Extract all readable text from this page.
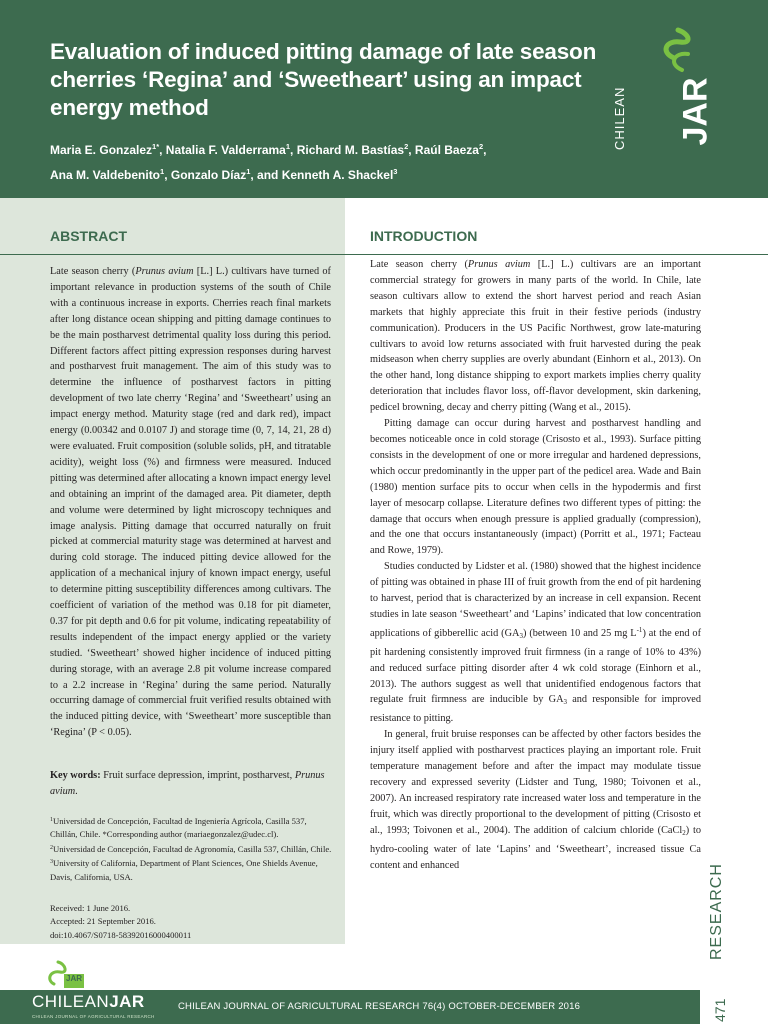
Evaluation of induced pitting damage of late season cherries ‘Regina’ and ‘Sweetheart’ using an impact energy method
Maria E. Gonzalez$^{1*}$, Natalia F. Valderrama$^1$, Richard M. Bastías$^2$, Raúl Baeza$^2$,
Ana M. Valdebenito$^1$, Gonzalo Díaz$^1$, and Kenneth A. Shackel$^3$
CHILEAN JAR
ABSTRACT	INTRODUCTION
Late season cherry (Prunus avium [L.] L.) cultivars have turned of important relevance in production systems of the south of Chile with a continuous increase in exports. Cherries reach final markets after long distance ocean shipping and pitting damage continues to be the main postharvest detrimental quality loss during this period. Different factors affect pitting expression responses during harvest and postharvest fruit management. The aim of this study was to determine the influence of postharvest factors in pitting development of two late cherry ‘Regina’ and ‘Sweetheart’ using an impact energy method. Maturity stage (red and dark red), impact energy (0.00342 and 0.0107 J) and storage time (0, 7, 14, 21, 28 d) were evaluated. Fruit composition (soluble solids, pH, and titratable acidity), weight loss (%) and firmness were measured. Induced pitting was determined after allocating a known impact energy level and obtaining an imprint of the damaged area. Pit diameter, depth and volume were determined by light microscopy techniques and image analysis. Pitting damage that occurred naturally on fruit picked at commercial maturity stage was determined at harvest and during cold storage. The induced pitting device allowed for the application of a mechanical injury of known impact energy, useful to determine pitting susceptibility differences among cultivars. The coefficient of variation of the method was 0.18 for pit diameter, 0.37 for pit depth and 0.6 for pit volume, indicating repeatability of results independent of the impact energy applied or the variety studied. ‘Sweetheart’ showed higher incidence of induced pitting during storage, with an average 2.8 pit volume increase compared to a 2.2 increase in ‘Regina’ during the same period. Naturally occurring damage of commercial fruit verified results obtained with the induced pitting device, with ‘Sweetheart’ more susceptible than ‘Regina’ (P < 0.05).
Key words: Fruit surface depression, imprint, postharvest, Prunus avium.

$^1$Universidad de Concepción, Facultad de Ingeniería Agrícola, Casilla 537, Chillán, Chile. *Corresponding author (mariaegonzalez@udec.cl).

$^2$Universidad de Concepción, Facultad de Agronomía, Casilla 537, Chillán, Chile.

$^3$University of California, Department of Plant Sciences, One Shields Avenue, Davis, California, USA.

Received: 1 June 2016.
Accepted: 21 September 2016.
doi:10.4067/S0718-58392016000400011

Late season cherry (Prunus avium [L.] L.) cultivars are an important commercial strategy for growers in many parts of the world. In Chile, late season cultivars allow to extend the short harvest period and reach Asian markets that highly appreciate this fruit in their festive periods (industry communication). Producers in the US Pacific Northwest, grow late-maturing cultivars to avoid low returns associated with fruit harvested during the peak midseason when cherry supplies are overly abundant (Einhorn et al., 2013). On the other hand, long distance shipping to export markets implies cherry quality deterioration that includes flavor loss, off-flavor development, skin darkening, pedicel browning, decay and cherry pitting (Wang et al., 2015).

Pitting damage can occur during harvest and postharvest handling and becomes noticeable once in cold storage (Crisosto et al., 1993). Surface pitting consists in the development of one or more irregular and hardened depressions, which occur predominantly in the upper part of the pedicel area. Wade and Bain (1980) mention surface pits to occur when cells in the hypodermis and first layer of mesocarp collapse. Literature defines two different types of pitting: the damage that occurs when enough pressure is applied gradually (compression), and the one that occurs instantaneously (impact) (Porritt et al., 1971; Facteau and Rowe, 1979).

Studies conducted by Lidster et al. (1980) showed that the highest incidence of pitting was obtained in phase III of fruit growth from the end of pit hardening to harvest, period that is characterized by an increase in cell expansion. Recent studies in late season ‘Sweetheart’ and ‘Lapins’ indicated that low concentration applications of gibberellic acid $(GA_3)$ (between 10 and 25 mg $L^{-1}$) at the end of pit hardening consistently improved fruit firmness (in a range of 10% to 43%) and reduced surface pitting disorder after 4 wk cold storage (Einhorn et al., 2013). The authors suggest as well that unidentified endogenous factors that regulate fruit firmness are inducible by $GA_3$ and responsible for improved resistance to pitting.

In general, fruit bruise responses can be affected by other factors besides the injury itself applied with postharvest practices playing an important role. Fruit temperature management before and after the impact may modulate tissue recovery and expressed severity (Lidster and Tung, 1980; Toivonen et al., 2007). An increased respiratory rate increased water loss and temperature in the fruit, which was directly proportional to the development of pitting (Crisosto et al., 1993; Toivonen et al., 2004). The addition of calcium chloride (CaCl$_2$) to hydro-cooling water of late ‘Lapins’ and ‘Sweetheart’, increased tissue Ca content and enhanced	RESEARCH
471
JAR
CHILEANJAR
CHILEAN JOURNAL OF AGRICULTURAL RESEARCH
CHILEAN JOURNAL OF AGRICULTURAL RESEARCH 76(4) OCTOBER-DECEMBER 2016
